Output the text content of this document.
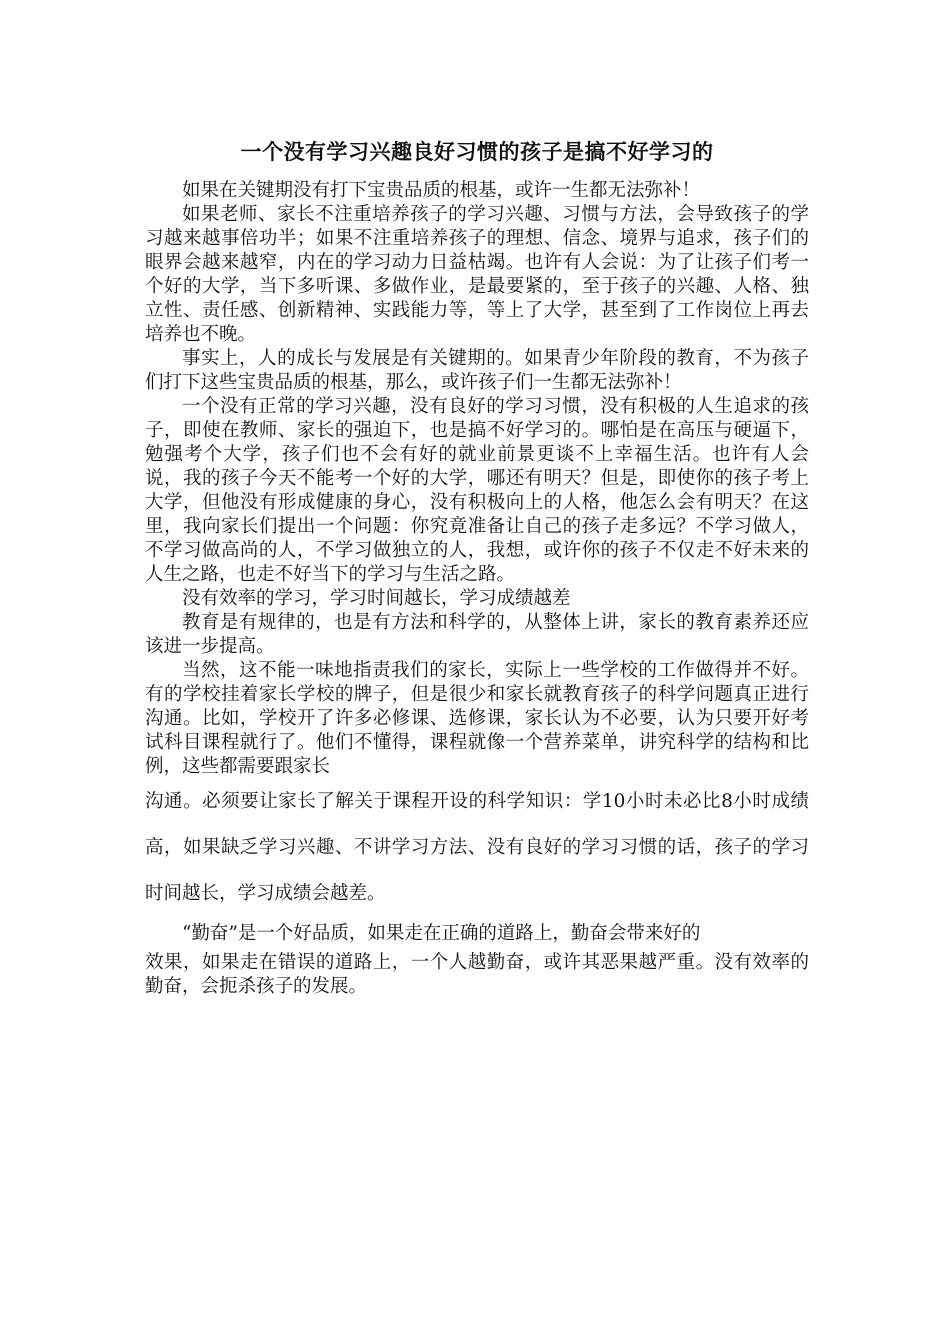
一个没有学习兴趣良好习惯的孩子是搞不好学习的

如果在关键期没有打下宝贵品质的根基，或许一生都无法弥补！

如果老师、家长不注重培养孩子的学习兴趣、习惯与方法，会导致孩子的学习越来越事倍功半；如果不注重培养孩子的理想、信念、境界与追求，孩子们的眼界会越来越窄，内在的学习动力日益枯竭。也许有人会说：为了让孩子们考一个好的大学，当下多听课、多做作业，是最要紧的，至于孩子的兴趣、人格、独立性、责任感、创新精神、实践能力等，等上了大学，甚至到了工作岗位上再去培养也不晚。

事实上，人的成长与发展是有关键期的。如果青少年阶段的教育，不为孩子们打下这些宝贵品质的根基，那么，或许孩子们一生都无法弥补！

一个没有正常的学习兴趣，没有良好的学习习惯，没有积极的人生追求的孩子，即使在教师、家长的强迫下，也是搞不好学习的。哪怕是在高压与硬逼下，勉强考个大学，孩子们也不会有好的就业前景更谈不上幸福生活。也许有人会说，我的孩子今天不能考一个好的大学，哪还有明天？但是，即使你的孩子考上大学，但他没有形成健康的身心，没有积极向上的人格，他怎么会有明天？在这里，我向家长们提出一个问题：你究竟准备让自己的孩子走多远？不学习做人，不学习做高尚的人，不学习做独立的人，我想，或许你的孩子不仅走不好未来的人生之路，也走不好当下的学习与生活之路。

没有效率的学习，学习时间越长，学习成绩越差

教育是有规律的，也是有方法和科学的，从整体上讲，家长的教育素养还应该进一步提高。

当然，这不能一味地指责我们的家长，实际上一些学校的工作做得并不好。有的学校挂着家长学校的牌子，但是很少和家长就教育孩子的科学问题真正进行沟通。比如，学校开了许多必修课、选修课，家长认为不必要，认为只要开好考试科目课程就行了。他们不懂得，课程就像一个营养菜单，讲究科学的结构和比例，这些都需要跟家长

沟通。必须要让家长了解关于课程开设的科学知识：学10小时未必比8小时成绩高，如果缺乏学习兴趣、不讲学习方法、没有良好的学习习惯的话，孩子的学习时间越长，学习成绩会越差。

“勤奋”是一个好品质，如果走在正确的道路上，勤奋会带来好的

效果，如果走在错误的道路上，一个人越勤奋，或许其恶果越严重。没有效率的勤奋，会扼杀孩子的发展。
